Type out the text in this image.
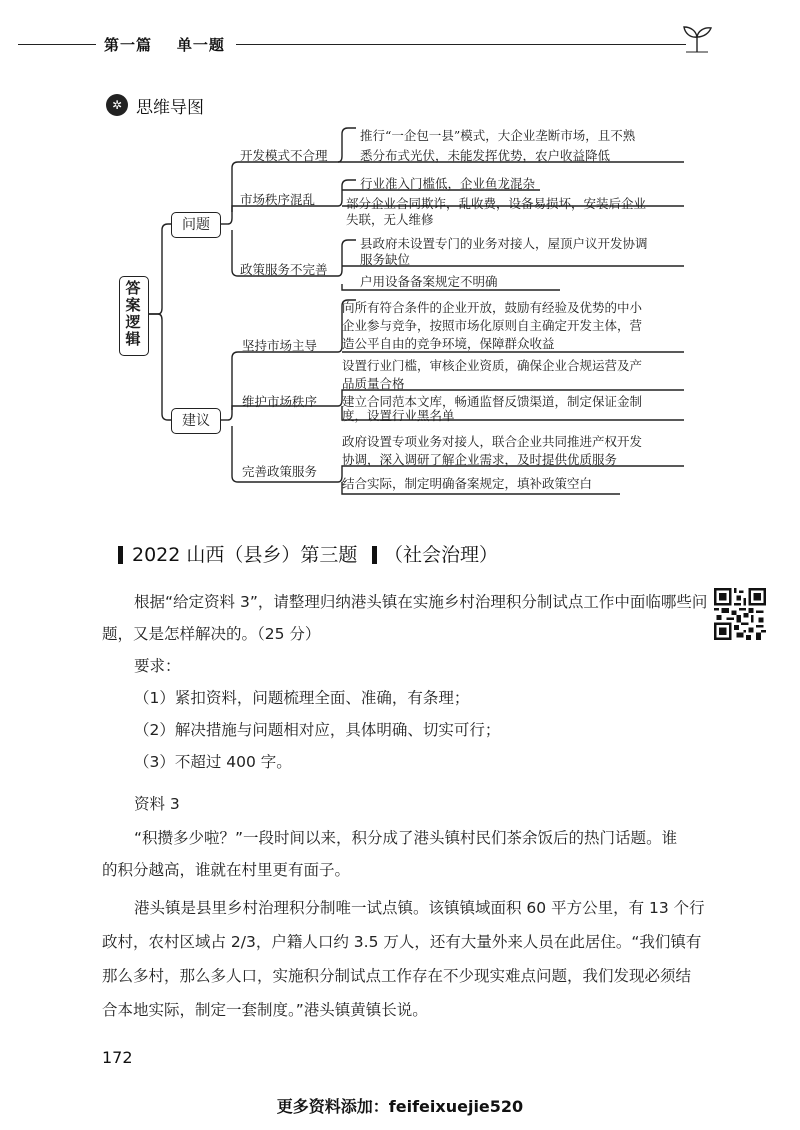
第一篇    单一题
✲ 思维导图
答案逻辑
问题
建议
开发模式不合理
推行“一企包一县”模式，大企业垄断市场，且不熟
悉分布式光伏，未能发挥优势，农户收益降低
市场秩序混乱
行业准入门槛低，企业鱼龙混杂
部分企业合同欺诈，乱收费，设备易损坏，安装后企业
失联，无人维修
政策服务不完善
县政府未设置专门的业务对接人，屋顶户议开发协调
服务缺位
户用设备备案规定不明确
坚持市场主导
向所有符合条件的企业开放，鼓励有经验及优势的中小
企业参与竞争，按照市场化原则自主确定开发主体，营
造公平自由的竞争环境，保障群众收益
维护市场秩序
设置行业门槛，审核企业资质，确保企业合规运营及产
品质量合格
建立合同范本文库，畅通监督反馈渠道，制定保证金制
度，设置行业黑名单
完善政策服务
政府设置专项业务对接人，联合企业共同推进产权开发
协调，深入调研了解企业需求，及时提供优质服务
结合实际，制定明确备案规定，填补政策空白
2022 山西（县乡）第三题 （社会治理）
根据“给定资料 3”，请整理归纳港头镇在实施乡村治理积分制试点工作中面临哪些问
题，又是怎样解决的。（25 分）
要求：
（1）紧扣资料，问题梳理全面、准确，有条理；
（2）解决措施与问题相对应，具体明确、切实可行；
（3）不超过 400 字。
资料 3
“积攒多少啦？”一段时间以来，积分成了港头镇村民们茶余饭后的热门话题。谁
的积分越高，谁就在村里更有面子。
港头镇是县里乡村治理积分制唯一试点镇。该镇镇域面积 60 平方公里，有 13 个行
政村，农村区域占 2/3，户籍人口约 3.5 万人，还有大量外来人员在此居住。“我们镇有
那么多村，那么多人口，实施积分制试点工作存在不少现实难点问题，我们发现必须结
合本地实际，制定一套制度。”港头镇黄镇长说。
172
更多资料添加：feifeixuejie520
